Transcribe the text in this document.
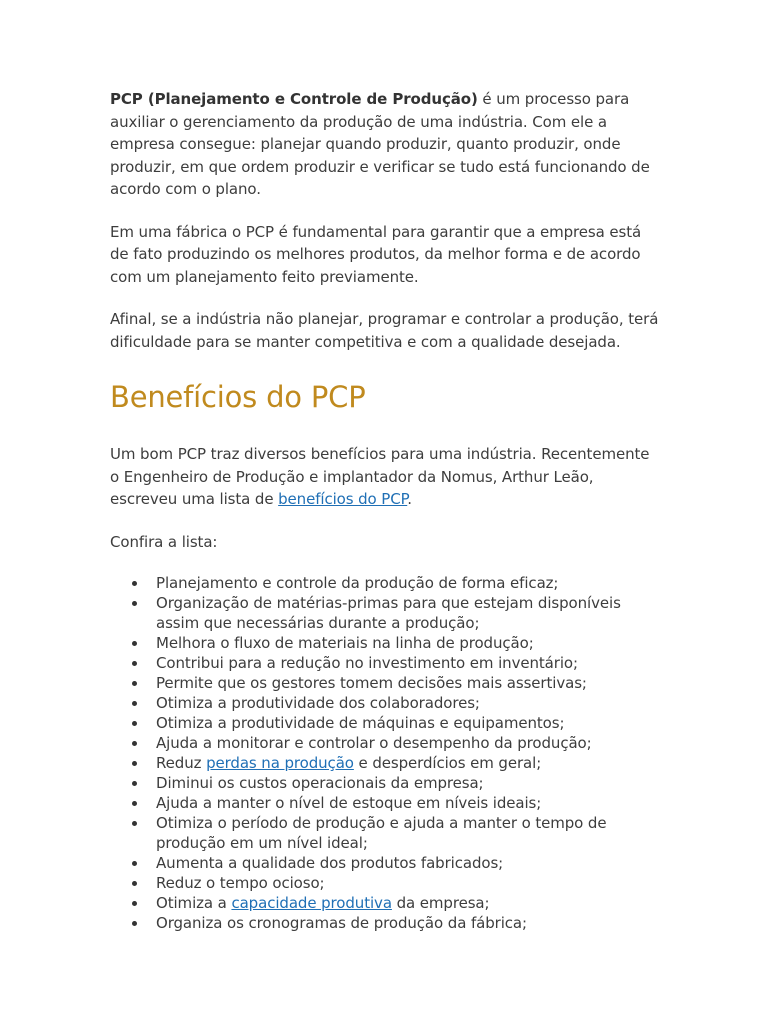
PCP (Planejamento e Controle de Produção) é um processo para auxiliar o gerenciamento da produção de uma indústria. Com ele a empresa consegue: planejar quando produzir, quanto produzir, onde produzir, em que ordem produzir e verificar se tudo está funcionando de acordo com o plano.

Em uma fábrica o PCP é fundamental para garantir que a empresa está de fato produzindo os melhores produtos, da melhor forma e de acordo com um planejamento feito previamente.

Afinal, se a indústria não planejar, programar e controlar a produção, terá dificuldade para se manter competitiva e com a qualidade desejada.

Benefícios do PCP

Um bom PCP traz diversos benefícios para uma indústria. Recentemente o Engenheiro de Produção e implantador da Nomus, Arthur Leão, escreveu uma lista de benefícios do PCP.

Confira a lista:

Planejamento e controle da produção de forma eficaz;
Organização de matérias-primas para que estejam disponíveis assim que necessárias durante a produção;
Melhora o fluxo de materiais na linha de produção;
Contribui para a redução no investimento em inventário;
Permite que os gestores tomem decisões mais assertivas;
Otimiza a produtividade dos colaboradores;
Otimiza a produtividade de máquinas e equipamentos;
Ajuda a monitorar e controlar o desempenho da produção;
Reduz perdas na produção e desperdícios em geral;
Diminui os custos operacionais da empresa;
Ajuda a manter o nível de estoque em níveis ideais;
Otimiza o período de produção e ajuda a manter o tempo de produção em um nível ideal;
Aumenta a qualidade dos produtos fabricados;
Reduz o tempo ocioso;
Otimiza a capacidade produtiva da empresa;
Organiza os cronogramas de produção da fábrica;
